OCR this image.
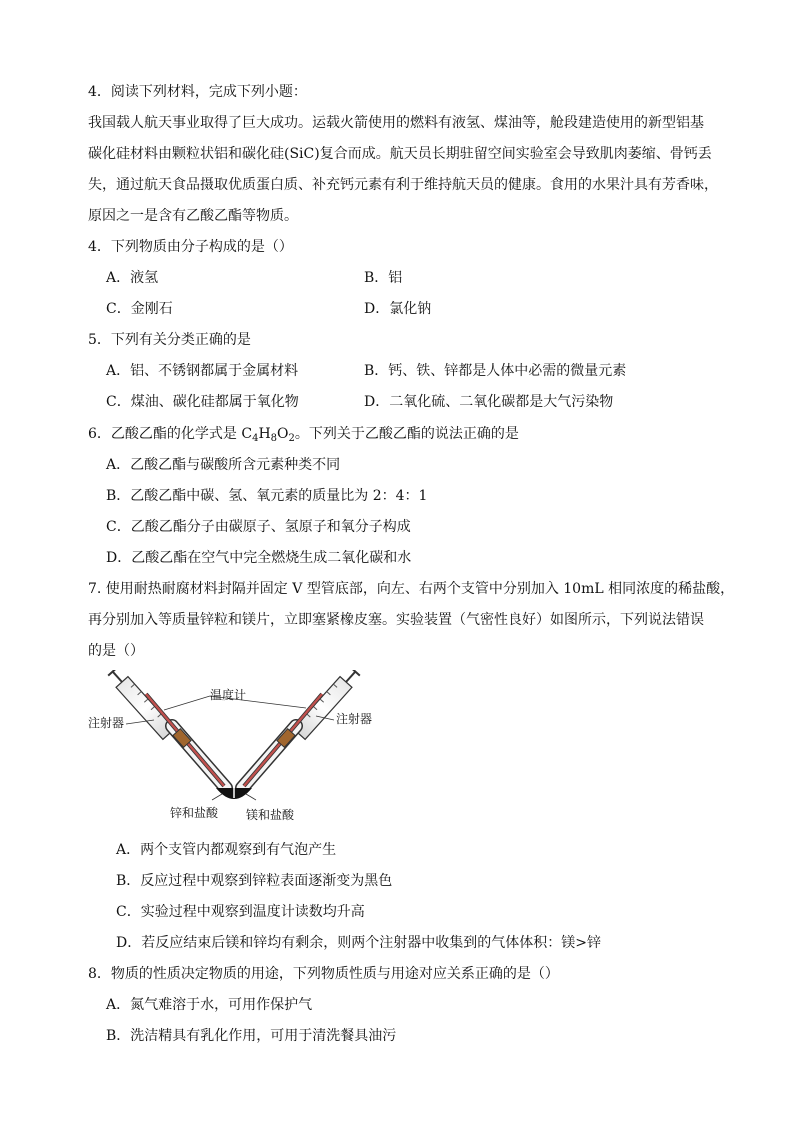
4．阅读下列材料，完成下列小题：
我国载人航天事业取得了巨大成功。运载火箭使用的燃料有液氢、煤油等，舱段建造使用的新型铝基
碳化硅材料由颗粒状铝和碳化硅(SiC)复合而成。航天员长期驻留空间实验室会导致肌肉萎缩、骨钙丢
失，通过航天食品摄取优质蛋白质、补充钙元素有利于维持航天员的健康。食用的水果汁具有芳香味，
原因之一是含有乙酸乙酯等物质。
4．下列物质由分子构成的是（）
A．液氢	B．铝
C．金刚石	D．氯化钠
5．下列有关分类正确的是
A．铝、不锈钢都属于金属材料	B．钙、铁、锌都是人体中必需的微量元素
C．煤油、碳化硅都属于氧化物	D．二氧化硫、二氧化碳都是大气污染物
6．乙酸乙酯的化学式是 $C_4H_8O_2$。下列关于乙酸乙酯的说法正确的是
A．乙酸乙酯与碳酸所含元素种类不同
B．乙酸乙酯中碳、氢、氧元素的质量比为 2：4：1
C．乙酸乙酯分子由碳原子、氢原子和氧分子构成
D．乙酸乙酯在空气中完全燃烧生成二氧化碳和水
7. 使用耐热耐腐材料封隔并固定 V 型管底部，向左、右两个支管中分别加入 10mL 相同浓度的稀盐酸，
再分别加入等质量锌粒和镁片，立即塞紧橡皮塞。实验装置（气密性良好）如图所示，下列说法错误
的是（）
温度计
注射器	注射器
锌和盐酸 镁和盐酸
A．两个支管内都观察到有气泡产生
B．反应过程中观察到锌粒表面逐渐变为黑色
C．实验过程中观察到温度计读数均升高
D．若反应结束后镁和锌均有剩余，则两个注射器中收集到的气体体积：镁>锌
8．物质的性质决定物质的用途，下列物质性质与用途对应关系正确的是（）
A．氮气难溶于水，可用作保护气
B．洗洁精具有乳化作用，可用于清洗餐具油污
